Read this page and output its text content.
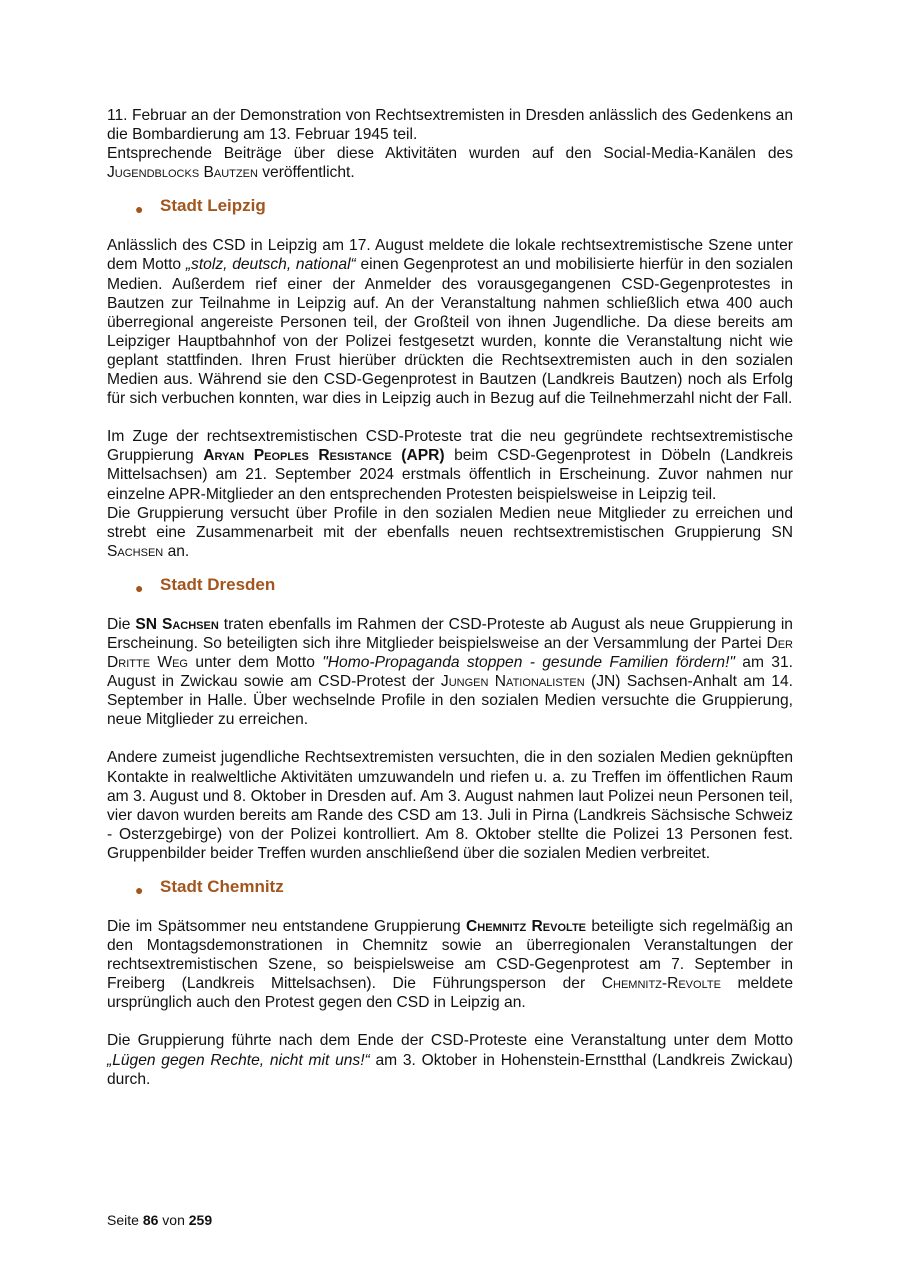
11. Februar an der Demonstration von Rechtsextremisten in Dresden anlässlich des Gedenkens an die Bombardierung am 13. Februar 1945 teil.

Entsprechende Beiträge über diese Aktivitäten wurden auf den Social-Media-Kanälen des Jugendblocks Bautzen veröffentlicht.

● Stadt Leipzig

Anlässlich des CSD in Leipzig am 17. August meldete die lokale rechtsextremistische Szene unter dem Motto „stolz, deutsch, national“ einen Gegenprotest an und mobilisierte hierfür in den sozialen Medien. Außerdem rief einer der Anmelder des vorausgegangenen CSD-Gegenprotestes in Bautzen zur Teilnahme in Leipzig auf. An der Veranstaltung nahmen schließlich etwa 400 auch überregional angereiste Personen teil, der Großteil von ihnen Jugendliche. Da diese bereits am Leipziger Hauptbahnhof von der Polizei festgesetzt wurden, konnte die Veranstaltung nicht wie geplant stattfinden. Ihren Frust hierüber drückten die Rechtsextremisten auch in den sozialen Medien aus. Während sie den CSD-Gegenprotest in Bautzen (Landkreis Bautzen) noch als Erfolg für sich verbuchen konnten, war dies in Leipzig auch in Bezug auf die Teilnehmerzahl nicht der Fall.

Im Zuge der rechtsextremistischen CSD-Proteste trat die neu gegründete rechtsextremistische Gruppierung Aryan Peoples Resistance (APR) beim CSD-Gegenprotest in Döbeln (Landkreis Mittelsachsen) am 21. September 2024 erstmals öffentlich in Erscheinung. Zuvor nahmen nur einzelne APR-Mitglieder an den entsprechenden Protesten beispielsweise in Leipzig teil.

Die Gruppierung versucht über Profile in den sozialen Medien neue Mitglieder zu erreichen und strebt eine Zusammenarbeit mit der ebenfalls neuen rechtsextremistischen Gruppierung SN Sachsen an.

● Stadt Dresden

Die SN Sachsen traten ebenfalls im Rahmen der CSD-Proteste ab August als neue Gruppierung in Erscheinung. So beteiligten sich ihre Mitglieder beispielsweise an der Versammlung der Partei Der Dritte Weg unter dem Motto "Homo-Propaganda stoppen - gesunde Familien fördern!" am 31. August in Zwickau sowie am CSD-Protest der Jungen Nationalisten (JN) Sachsen-Anhalt am 14. September in Halle. Über wechselnde Profile in den sozialen Medien versuchte die Gruppierung, neue Mitglieder zu erreichen.

Andere zumeist jugendliche Rechtsextremisten versuchten, die in den sozialen Medien geknüpften Kontakte in realweltliche Aktivitäten umzuwandeln und riefen u. a. zu Treffen im öffentlichen Raum am 3. August und 8. Oktober in Dresden auf. Am 3. August nahmen laut Polizei neun Personen teil, vier davon wurden bereits am Rande des CSD am 13. Juli in Pirna (Landkreis Sächsische Schweiz - Osterzgebirge) von der Polizei kontrolliert. Am 8. Oktober stellte die Polizei 13 Personen fest. Gruppenbilder beider Treffen wurden anschließend über die sozialen Medien verbreitet.

● Stadt Chemnitz

Die im Spätsommer neu entstandene Gruppierung Chemnitz Revolte beteiligte sich regelmäßig an den Montagsdemonstrationen in Chemnitz sowie an überregionalen Veranstaltungen der rechtsextremistischen Szene, so beispielsweise am CSD-Gegenprotest am 7. September in Freiberg (Landkreis Mittelsachsen). Die Führungsperson der Chemnitz-Revolte meldete ursprünglich auch den Protest gegen den CSD in Leipzig an.

Die Gruppierung führte nach dem Ende der CSD-Proteste eine Veranstaltung unter dem Motto „Lügen gegen Rechte, nicht mit uns!“ am 3. Oktober in Hohenstein-Ernstthal (Landkreis Zwickau) durch.

Seite 86 von 259
